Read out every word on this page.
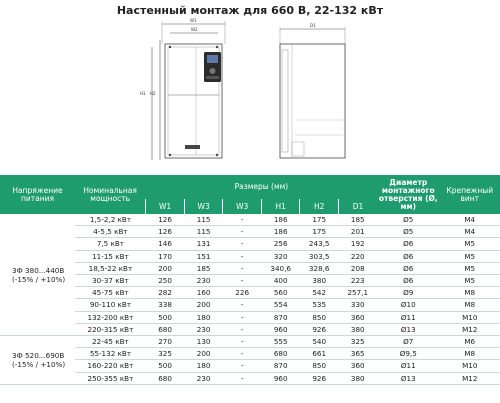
Настенный монтаж для 660 В, 22-132 кВт
W1
W2
H1 H2
D1
Напряжение питания	Номинальная мощность	Размеры (мм)						Диаметр монтажного отверстия (Ø, мм)	Крепежный винт
		W1	W3	W3	H1	H2	D1		
3Ф 380...440В (-15% / +10%)	1,5-2,2 кВт	126	115	-	186	175	185	Ø5	M4
	4-5,5 кВт	126	115	-	186	175	201	Ø5	M4
	7,5 кВт	146	131	-	256	243,5	192	Ø6	M5
	11-15 кВт	170	151	-	320	303,5	220	Ø6	M5
	18,5-22 кВт	200	185	-	340,6	328,6	208	Ø6	M5
	30-37 кВт	250	230	-	400	380	223	Ø6	M5
	45-75 кВт	282	160	226	560	542	257,1	Ø9	M8
	90-110 кВт	338	200	-	554	535	330	Ø10	M8
	132-200 кВт	500	180	-	870	850	360	Ø11	M10
	220-315 кВт	680	230	-	960	926	380	Ø13	M12
3Ф 520...690В (-15% / +10%)	22-45 кВт	270	130	-	555	540	325	Ø7	M6
	55-132 кВт	325	200	-	680	661	365	Ø9,5	M8
	160-220 кВт	500	180	-	870	850	360	Ø11	M10
	250-355 кВт	680	230	-	960	926	380	Ø13	M12
